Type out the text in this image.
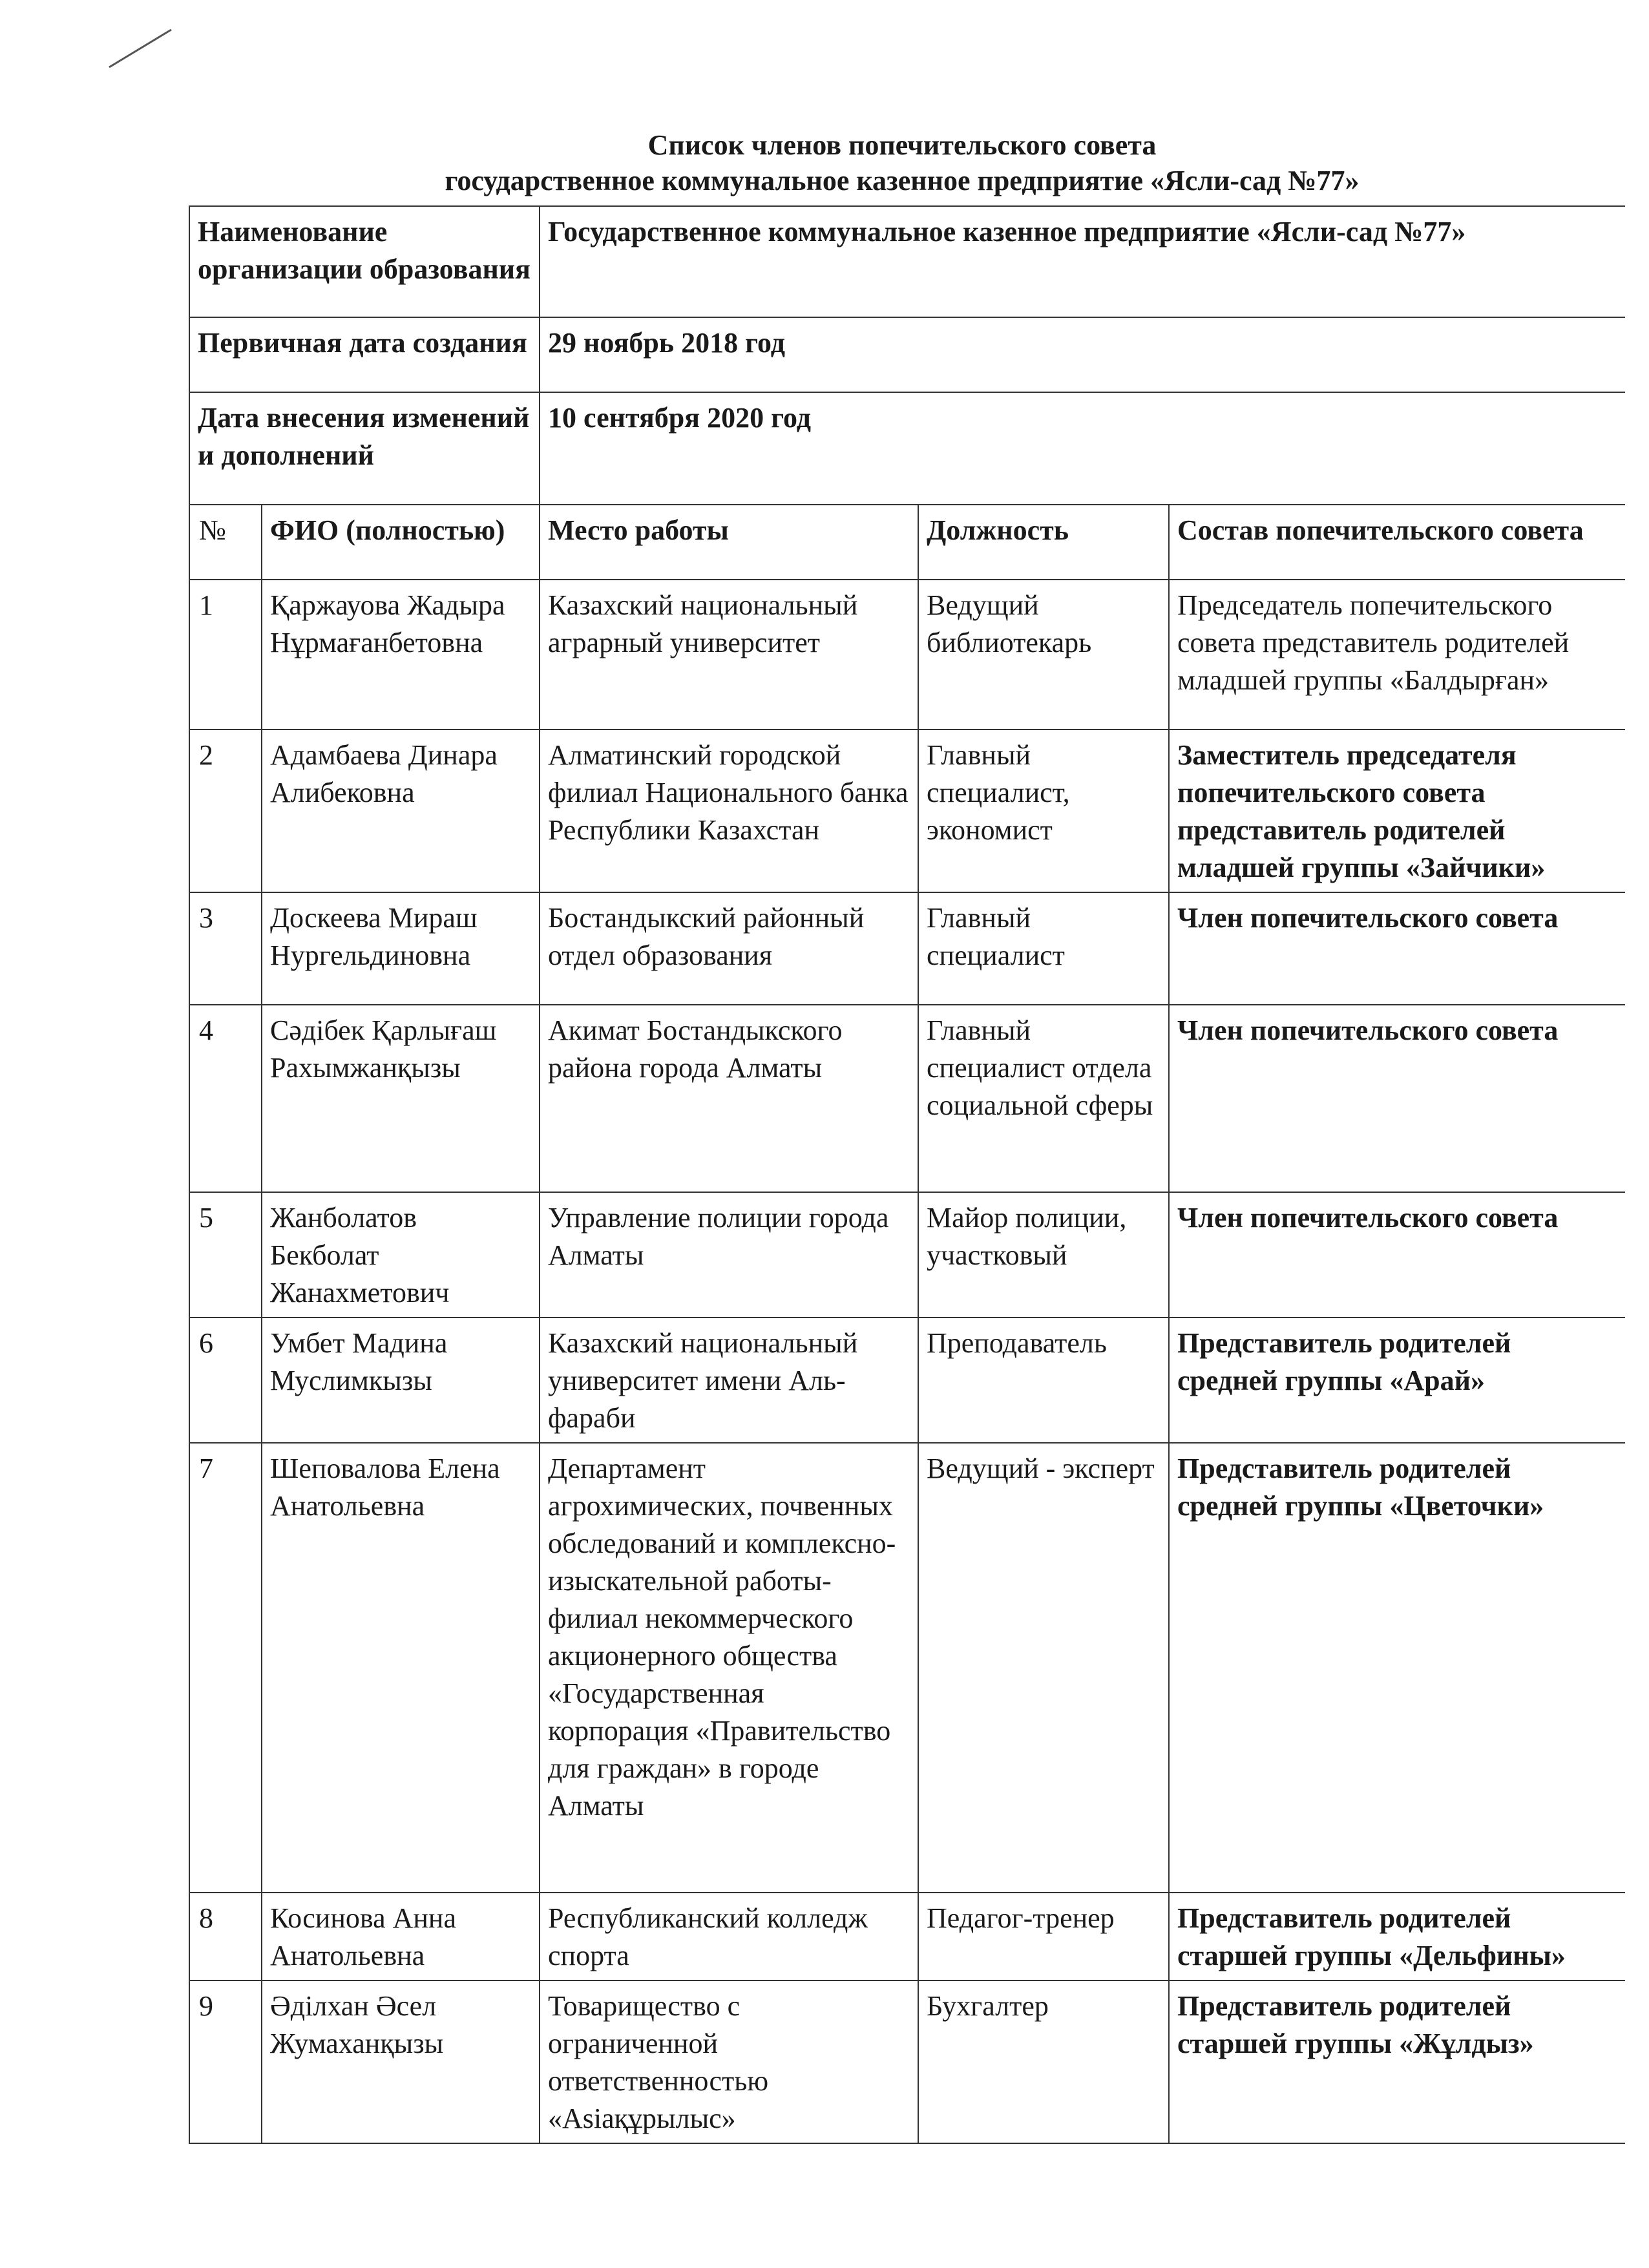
Список членов попечительского совета
государственное коммунальное казенное предприятие «Ясли-сад №77»
Наименование организации образования		Государственное коммунальное казенное предприятие «Ясли-сад №77»		
Первичная дата создания		29 ноябрь 2018 год		
Дата внесения изменений и дополнений		10 сентября 2020 год		
№	ФИО (полностью)	Место работы	Должность	Состав попечительского совета
1	Қаржауова Жадыра Нұрмағанбетовна	Казахский национальный аграрный университет	Ведущий библиотекарь	Председатель попечительского совета представитель родителей младшей группы «Балдырған»
2	Адамбаева Динара Алибековна	Алматинский городской филиал Национального банка Республики Казахстан	Главный специалист, экономист	Заместитель председателя попечительского совета представитель родителей младшей группы «Зайчики»
3	Доскеева Мираш Нургельдиновна	Бостандыкский районный отдел образования	Главный специалист	Член попечительского совета
4	Сәдібек Қарлығаш Рахымжанқызы	Акимат Бостандыкского района города Алматы	Главный специалист отдела социальной сферы	Член попечительского совета
5	Жанболатов Бекболат Жанахметович	Управление полиции города Алматы	Майор полиции, участковый	Член попечительского совета
6	Умбет Мадина Муслимкызы	Казахский национальный университет имени Аль-фараби	Преподаватель	Представитель родителей средней группы «Арай»
7	Шеповалова Елена Анатольевна	Департамент агрохимических, почвенных обследований и комплексно-изыскательной работы-филиал некоммерческого акционерного общества «Государственная корпорация «Правительство для граждан» в городе Алматы	Ведущий - эксперт	Представитель родителей средней группы «Цветочки»
8	Косинова Анна Анатольевна	Республиканский колледж спорта	Педагог-тренер	Представитель родителей старшей группы «Дельфины»
9	Әділхан Әсел Жумаханқызы	Товарищество с ограниченной ответственностью «Asiaқұрылыс»	Бухгалтер	Представитель родителей старшей группы «Жұлдыз»
